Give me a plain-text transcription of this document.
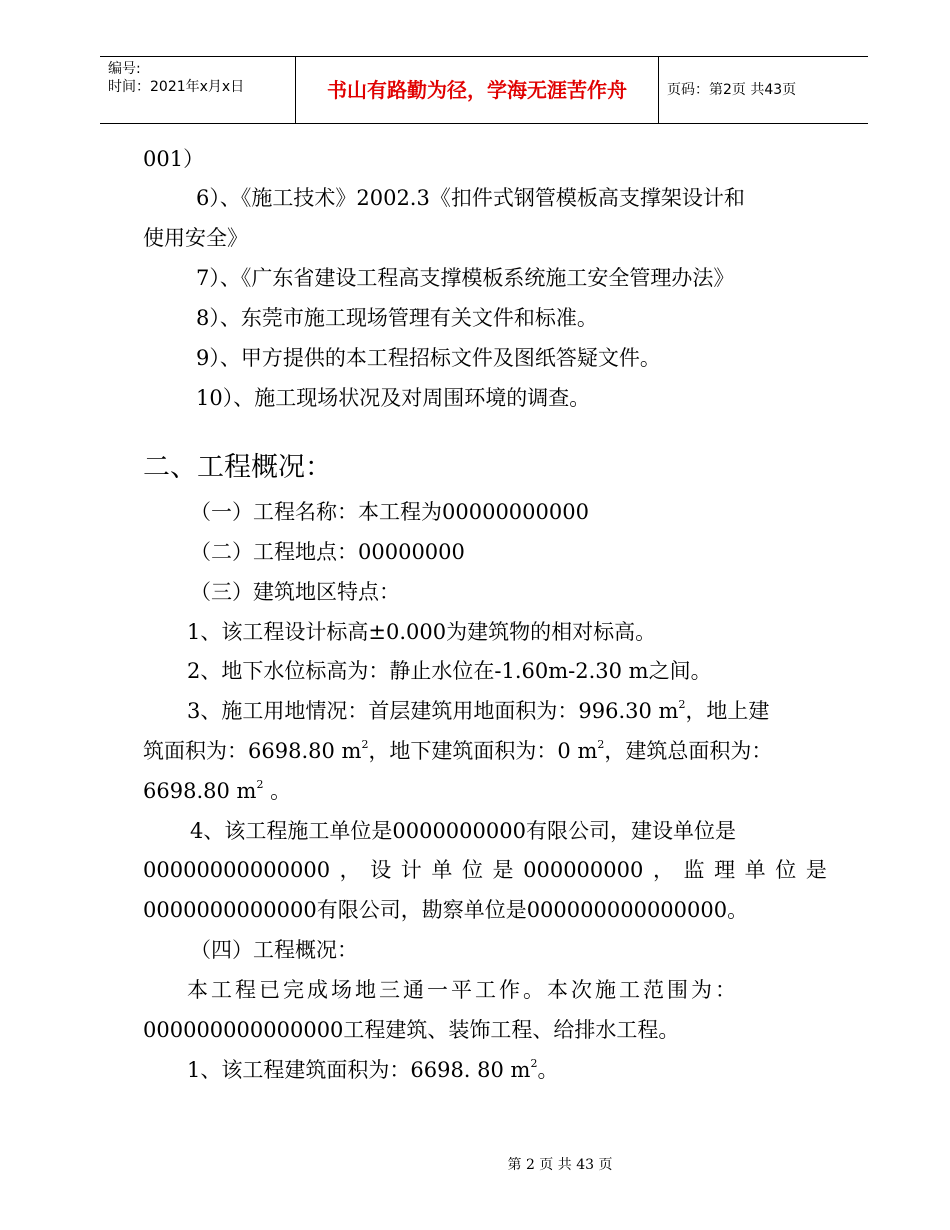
编号:
时间：2021年x月x日	书山有路勤为径，学海无涯苦作舟	页码：第2页 共43页
001）
6）、《施工技术》2002.3《扣件式钢管模板高支撑架设计和
使用安全》
7）、《广东省建设工程高支撑模板系统施工安全管理办法》
8）、东莞市施工现场管理有关文件和标准。
9）、甲方提供的本工程招标文件及图纸答疑文件。
10）、施工现场状况及对周围环境的调查。
二、工程概况：
（一）工程名称：本工程为00000000000
（二）工程地点：00000000
（三）建筑地区特点：
1、该工程设计标高±0.000为建筑物的相对标高。
2、地下水位标高为：静止水位在-1.60m-2.30 m之间。
3、施工用地情况：首层建筑用地面积为：996.30 $m^2$，地上建
筑面积为：6698.80 $m^2$，地下建筑面积为：0 $m^2$，建筑总面积为：
6698.80 $m^2$ 。
4、该工程施工单位是0000000000有限公司，建设单位是
00000000000000 ， 设 计 单 位 是 000000000 ， 监 理 单 位 是
0000000000000有限公司，勘察单位是000000000000000。
（四）工程概况：
本工程已完成场地三通一平工作。本次施工范围为：
000000000000000工程建筑、装饰工程、给排水工程。
1、该工程建筑面积为：6698. 80 $m^2$。
第 2 页 共 43 页
